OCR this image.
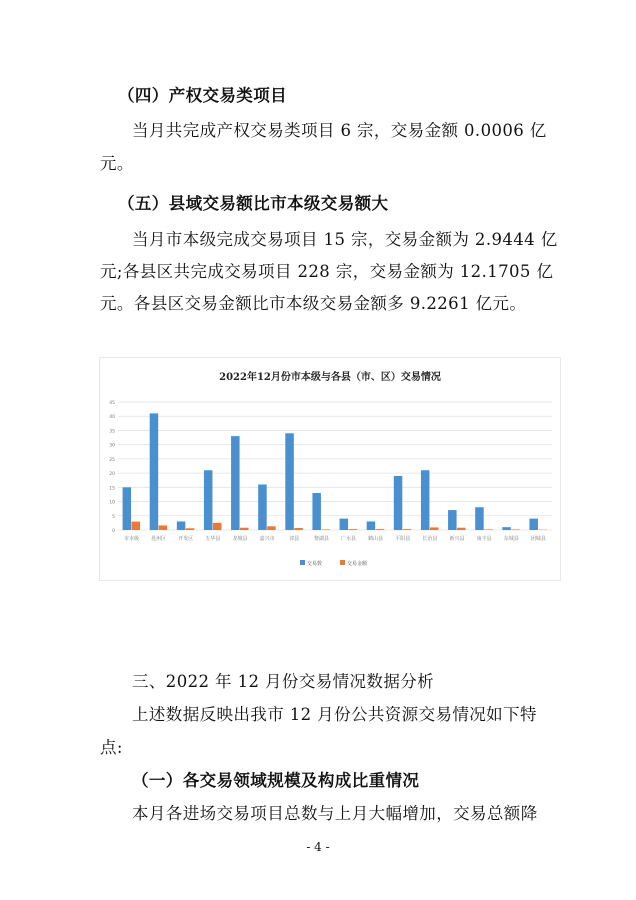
（四）产权交易类项目
当月共完成产权交易类项目 6 宗，交易金额 0.0006 亿
元。
（五）县域交易额比市本级交易额大
当月市本级完成交易项目 15 宗，交易金额为 2.9444 亿
元;各县区共完成交易项目 228 宗，交易金额为 12.1705 亿
元。各县区交易金额比市本级交易金额多 9.2261 亿元。
2022年12月份市本级与各县（市、区）交易情况
0
5
10
15
20
25
30
35
40
45
市本级 邕州区 开发区 五华县 龙城县 嘉兴市	祁县	黎湖县 广水县 鹤山县 平阳县 长治县 新兴县 南丰县 东城县 团城县
交易数	交易金额
三、2022 年 12 月份交易情况数据分析
上述数据反映出我市 12 月份公共资源交易情况如下特
点:
（一）各交易领域规模及构成比重情况
本月各进场交易项目总数与上月大幅增加，交易总额降
- 4 -
